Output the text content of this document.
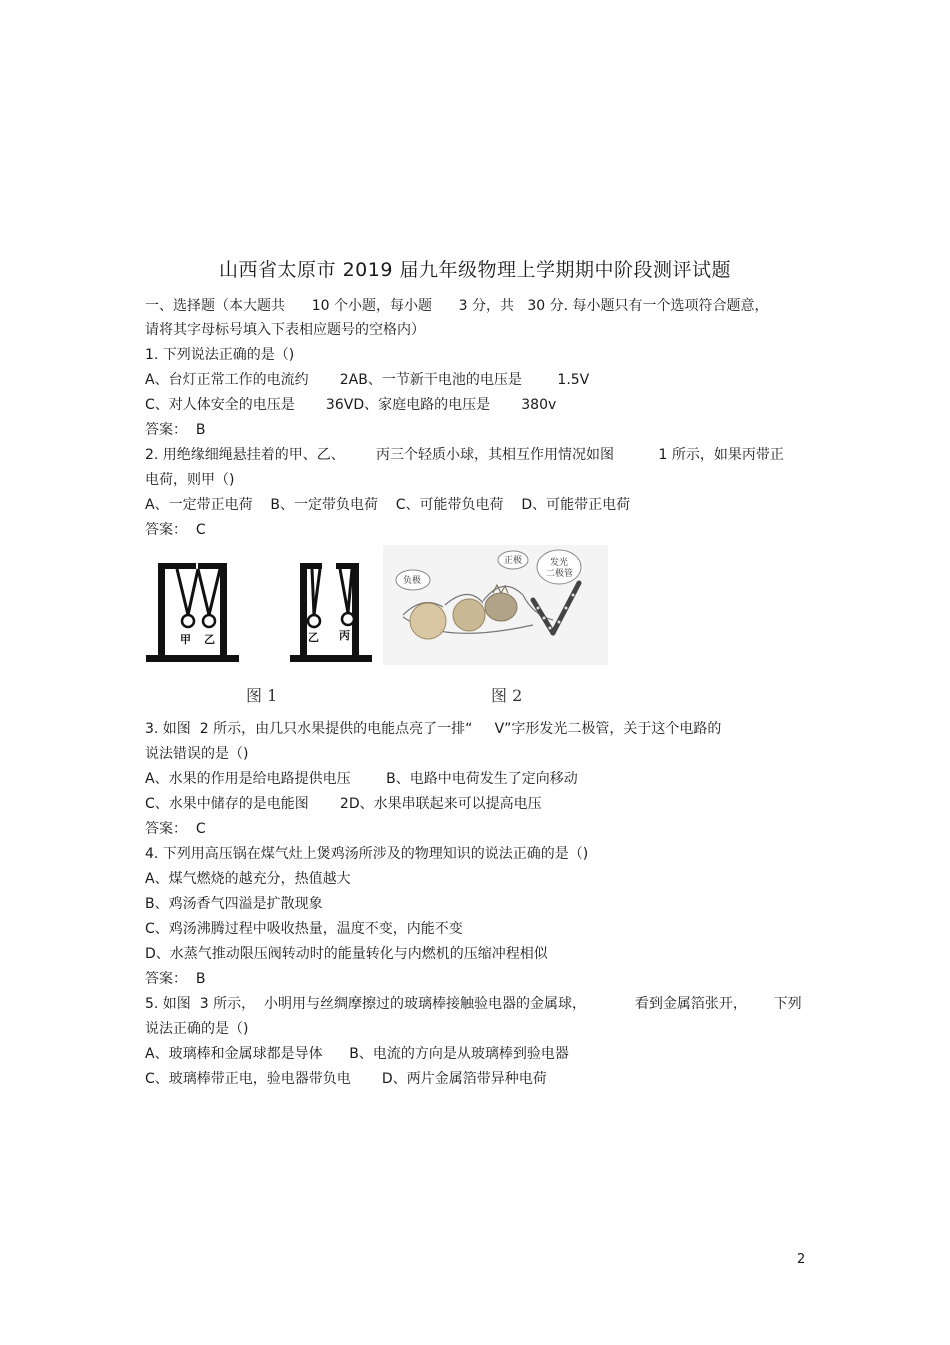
山西省太原市 2019 届九年级物理上学期期中阶段测评试题
一、选择题（本大题共      10 个小题，每小题      3 分，共   30 分. 每小题只有一个选项符合题意，
请将其字母标号填入下表相应题号的空格内）
1. 下列说法正确的是（)
A、台灯正常工作的电流约       2AB、一节新干电池的电压是        1.5V
C、对人体安全的电压是       36VD、家庭电路的电压是       380v
答案：  B
2. 用绝缘细绳悬挂着的甲、乙、       丙三个轻质小球，其相互作用情况如图          1 所示，如果丙带正
电荷，则甲（)
A、一定带正电荷    B、一定带负电荷    C、可能带负电荷    D、可能带正电荷
答案：  C
甲 乙	乙 丙
负极
正极	发光
二极管
图 1	图 2
3. 如图  2 所示，由几只水果提供的电能点亮了一排“     V”字形发光二极管，关于这个电路的
说法错误的是（)
A、水果的作用是给电路提供电压        B、电路中电荷发生了定向移动
C、水果中储存的是电能图       2D、水果串联起来可以提高电压
答案：  C
4. 下列用高压锅在煤气灶上煲鸡汤所涉及的物理知识的说法正确的是（)
A、煤气燃烧的越充分，热值越大
B、鸡汤香气四溢是扩散现象
C、鸡汤沸腾过程中吸收热量，温度不变，内能不变
D、水蒸气推动限压阀转动时的能量转化与内燃机的压缩冲程相似
答案：  B
5. 如图  3 所示，  小明用与丝绸摩擦过的玻璃棒接触验电器的金属球，           看到金属箔张开，      下列
说法正确的是（)
A、玻璃棒和金属球都是导体      B、电流的方向是从玻璃棒到验电器
C、玻璃棒带正电，验电器带负电       D、两片金属箔带异种电荷
2
